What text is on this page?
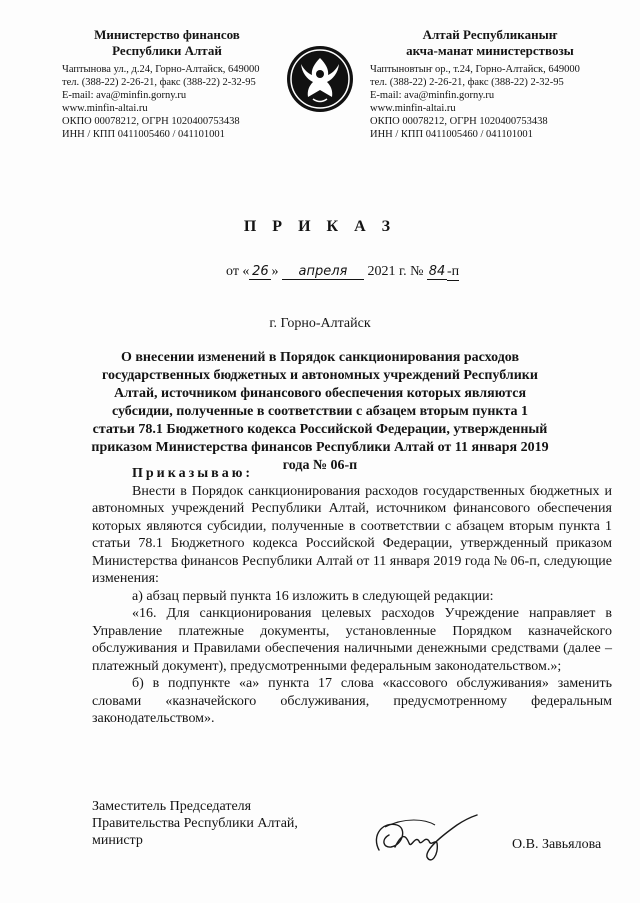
Министерство финансов
Республики Алтай
Чаптынова ул., д.24, Горно-Алтайск, 649000
тел. (388-22) 2-26-21, факс (388-22) 2-32-95
E-mail: ava@minfin.gorny.ru
www.minfin-altai.ru
ОКПО 00078212, ОГРН 1020400753438
ИНН / КПП 0411005460 / 041101001
Алтай Республиканыҥ
акча-манат министерствозы
Чаптыновтыҥ ор., т.24, Горно-Алтайск, 649000
тел. (388-22) 2-26-21, факс (388-22) 2-32-95
E-mail: ava@minfin.gorny.ru
www.minfin-altai.ru
ОКПО 00078212, ОГРН 1020400753438
ИНН / КПП 0411005460 / 041101001
П Р И К А З
от « 26 » апреля 2021 г. № 84 -п
г. Горно-Алтайск
О внесении изменений в Порядок санкционирования расходов государственных бюджетных и автономных учреждений Республики Алтай, источником финансового обеспечения которых являются субсидии, полученные в соответствии с абзацем вторым пункта 1 статьи 78.1 Бюджетного кодекса Российской Федерации, утвержденный приказом Министерства финансов Республики Алтай от 11 января 2019 года № 06-п

Приказываю:

Внести в Порядок санкционирования расходов государственных бюджетных и автономных учреждений Республики Алтай, источником финансового обеспечения которых являются субсидии, полученные в соответствии с абзацем вторым пункта 1 статьи 78.1 Бюджетного кодекса Российской Федерации, утвержденный приказом Министерства финансов Республики Алтай от 11 января 2019 года № 06-п, следующие изменения:

а) абзац первый пункта 16 изложить в следующей редакции:

«16. Для санкционирования целевых расходов Учреждение направляет в Управление платежные документы, установленные Порядком казначейского обслуживания и Правилами обеспечения наличными денежными средствами (далее – платежный документ), предусмотренными федеральным законодательством.»;

б) в подпункте «а» пункта 17 слова «кассового обслуживания» заменить словами «казначейского обслуживания, предусмотренному федеральным законодательством».

Заместитель Председателя
Правительства Республики Алтай,
министр	О.В. Завьялова
